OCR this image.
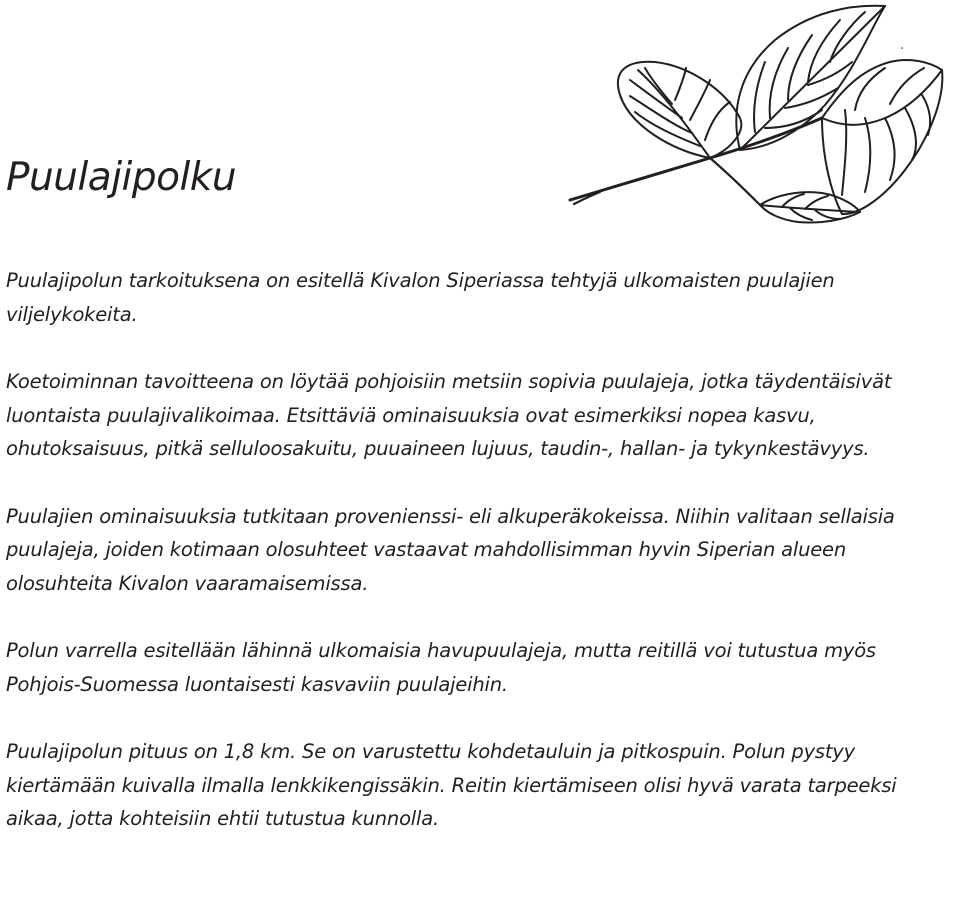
Puulajipolku

Puulajipolun tarkoituksena on esitellä Kivalon Siperiassa tehtyjä ulkomaisten puulajien viljelykokeita.

Koetoiminnan tavoitteena on löytää pohjoisiin metsiin sopivia puulajeja, jotka täydentäisivät luontaista puulajivalikoimaa. Etsittäviä ominaisuuksia ovat esimerkiksi nopea kasvu, ohutoksaisuus, pitkä selluloosakuitu, puuaineen lujuus, taudin-, hallan- ja tykynkestävyys.

Puulajien ominaisuuksia tutkitaan provenienssi- eli alkuperäkokeissa. Niihin valitaan sellaisia puulajeja, joiden kotimaan olosuhteet vastaavat mahdollisimman hyvin Siperian alueen olosuhteita Kivalon vaaramaisemissa.

Polun varrella esitellään lähinnä ulkomaisia havupuulajeja, mutta reitillä voi tutustua myös Pohjois-Suomessa luontaisesti kasvaviin puulajeihin.

Puulajipolun pituus on 1,8 km. Se on varustettu kohdetauluin ja pitkospuin. Polun pystyy kiertämään kuivalla ilmalla lenkkikengissäkin. Reitin kiertämiseen olisi hyvä varata tarpeeksi aikaa, jotta kohteisiin ehtii tutustua kunnolla.
